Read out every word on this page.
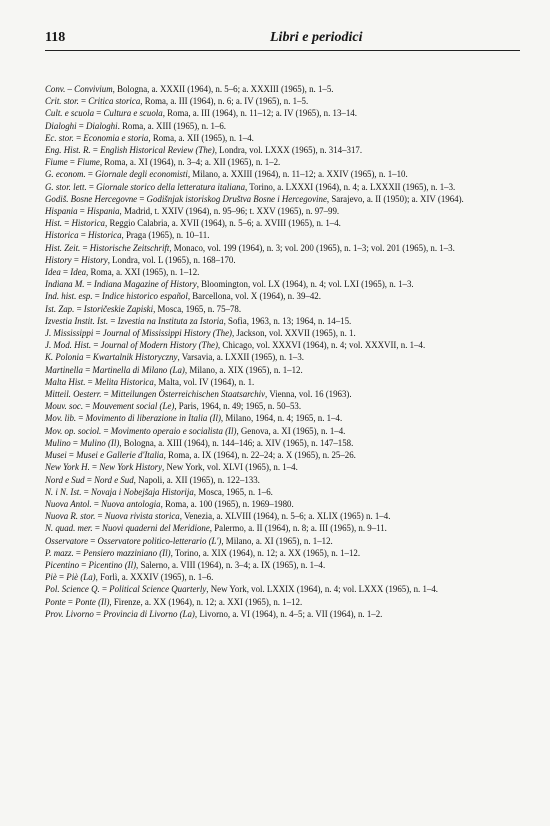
118	Libri e periodici

Conv. – Convivium, Bologna, a. XXXII (1964), n. 5–6; a. XXXIII (1965), n. 1–5.

Crit. stor. = Critica storica, Roma, a. III (1964), n. 6; a. IV (1965), n. 1–5.

Cult. e scuola = Cultura e scuola, Roma, a. III (1964), n. 11–12; a. IV (1965), n. 13–14.

Dialoghi = Dialoghi. Roma, a. XIII (1965), n. 1–6.

Ec. stor. = Economia e storia, Roma, a. XII (1965), n. 1–4.

Eng. Hist. R. = English Historical Review (The), Londra, vol. LXXX (1965), n. 314–317.

Fiume = Fiume, Roma, a. XI (1964), n. 3–4; a. XII (1965), n. 1–2.

G. econom. = Giornale degli economisti, Milano, a. XXIII (1964), n. 11–12; a. XXIV (1965), n. 1–10.

G. stor. lett. = Giornale storico della letteratura italiana, Torino, a. LXXXI (1964), n. 4; a. LXXXII (1965), n. 1–3.

Godiš. Bosne Hercegovne = Godišnjak istoriskog Društva Bosne i Hercegovine, Sarajevo, a. II (1950); a. XIV (1964).

Hispania = Hispania, Madrid, t. XXIV (1964), n. 95–96; t. XXV (1965), n. 97–99.

Hist. = Historica, Reggio Calabria, a. XVII (1964), n. 5–6; a. XVIII (1965), n. 1–4.

Historica = Historica, Praga (1965), n. 10–11.

Hist. Zeit. = Historische Zeitschrift, Monaco, vol. 199 (1964), n. 3; vol. 200 (1965), n. 1–3; vol. 201 (1965), n. 1–3.

History = History, Londra, vol. L (1965), n. 168–170.

Idea = Idea, Roma, a. XXI (1965), n. 1–12.

Indiana M. = Indiana Magazine of History, Bloomington, vol. LX (1964), n. 4; vol. LXI (1965), n. 1–3.

Ind. hist. esp. = Indice historico español, Barcellona, vol. X (1964), n. 39–42.

Ist. Zap. = Istoričeskie Zapiski, Mosca, 1965, n. 75–78.

Izvestia Instit. Ist. = Izvestia na Instituta za Istoria, Sofia, 1963, n. 13; 1964, n. 14–15.

J. Mississippi = Journal of Mississippi History (The), Jackson, vol. XXVII (1965), n. 1.

J. Mod. Hist. = Journal of Modern History (The), Chicago, vol. XXXVI (1964), n. 4; vol. XXXVII, n. 1–4.

K. Polonia = Kwartalnik Historyczny, Varsavia, a. LXXII (1965), n. 1–3.

Martinella = Martinella di Milano (La), Milano, a. XIX (1965), n. 1–12.

Malta Hist. = Melita Historica, Malta, vol. IV (1964), n. 1.

Mitteil. Oesterr. = Mitteilungen Österreichischen Staatsarchiv, Vienna, vol. 16 (1963).

Mouv. soc. = Mouvement social (Le), Paris, 1964, n. 49; 1965, n. 50–53.

Mov. lib. = Movimento di liberazione in Italia (Il), Milano, 1964, n. 4; 1965, n. 1–4.

Mov. op. sociol. = Movimento operaio e socialista (Il), Genova, a. XI (1965), n. 1–4.

Mulino = Mulino (Il), Bologna, a. XIII (1964), n. 144–146; a. XIV (1965), n. 147–158.

Musei = Musei e Gallerie d'Italia, Roma, a. IX (1964), n. 22–24; a. X (1965), n. 25–26.

New York H. = New York History, New York, vol. XLVI (1965), n. 1–4.

Nord e Sud = Nord e Sud, Napoli, a. XII (1965), n. 122–133.

N. i N. Ist. = Novaja i Nobejšaja Historija, Mosca, 1965, n. 1–6.

Nuova Antol. = Nuova antologia, Roma, a. 100 (1965), n. 1969–1980.

Nuova R. stor. = Nuova rivista storica, Venezia, a. XLVIII (1964), n. 5–6; a. XLIX (1965) n. 1–4.

N. quad. mer. = Nuovi quaderni del Meridione, Palermo, a. II (1964), n. 8; a. III (1965), n. 9–11.

Osservatore = Osservatore politico-letterario (L'), Milano, a. XI (1965), n. 1–12.

P. mazz. = Pensiero mazziniano (Il), Torino, a. XIX (1964), n. 12; a. XX (1965), n. 1–12.

Picentino = Picentino (Il), Salerno, a. VIII (1964), n. 3–4; a. IX (1965), n. 1–4.

Piè = Piè (La), Forlì, a. XXXIV (1965), n. 1–6.

Pol. Science Q. = Political Science Quarterly, New York, vol. LXXIX (1964), n. 4; vol. LXXX (1965), n. 1–4.

Ponte = Ponte (Il), Firenze, a. XX (1964), n. 12; a. XXI (1965), n. 1–12.

Prov. Livorno = Provincia di Livorno (La), Livorno, a. VI (1964), n. 4–5; a. VII (1964), n. 1–2.
